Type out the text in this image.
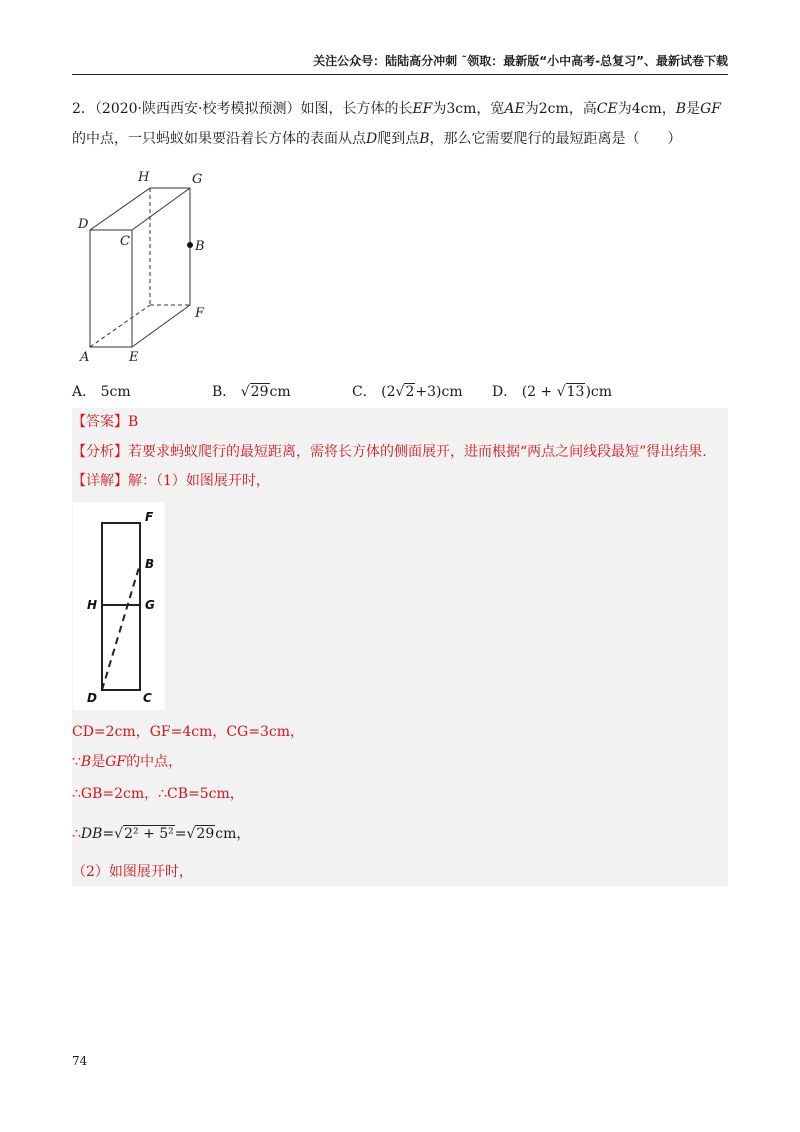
关注公众号：陆陆高分冲刺 ˜领取：最新版“小中高考-总复习”、最新试卷下载
2．（2020·陕西西安·校考模拟预测）如图，长方体的长EF为3cm，宽AE为2cm，高CE为4cm，B是GF
的中点，一只蚂蚁如果要沿着长方体的表面从点D爬到点B，那么它需要爬行的最短距离是（　　）
H	G
D
C	B
F
A	E
A． 5cm	B． √29cm	C． (2√2+3)cm D． (2 + √13)cm
【答案】B
【分析】若要求蚂蚁爬行的最短距离，需将长方体的侧面展开，进而根据“两点之间线段最短”得出结果.
【详解】解：（1）如图展开时，
F
B
H	G
D	C
CD=2cm，GF=4cm，CG=3cm，
∵B是GF的中点，
∴GB=2cm，∴CB=5cm，
∴DB=√2² + 5²=√29cm，
（2）如图展开时，
74
